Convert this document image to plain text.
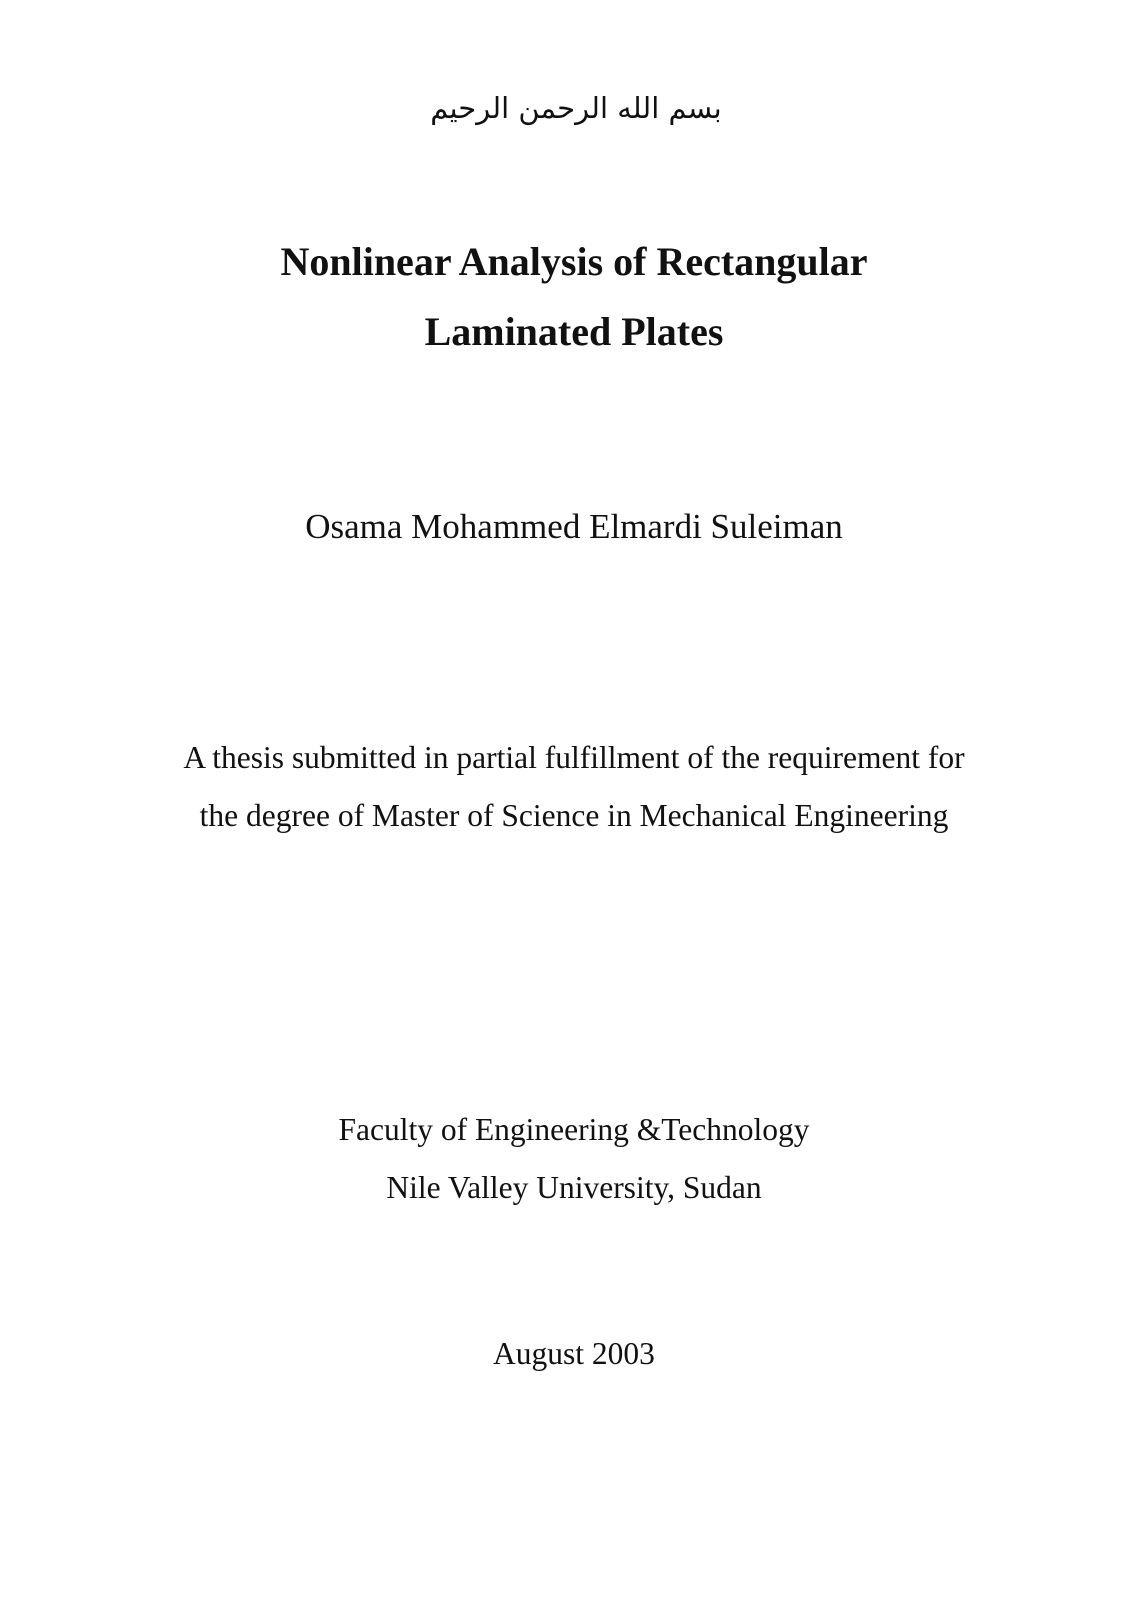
بسم الله الرحمن الرحيم
Nonlinear Analysis of Rectangular
Laminated Plates
Osama Mohammed Elmardi Suleiman
A thesis submitted in partial fulfillment of the requirement for
the degree of Master of Science in Mechanical Engineering
Faculty of Engineering &Technology
Nile Valley University, Sudan
August 2003
